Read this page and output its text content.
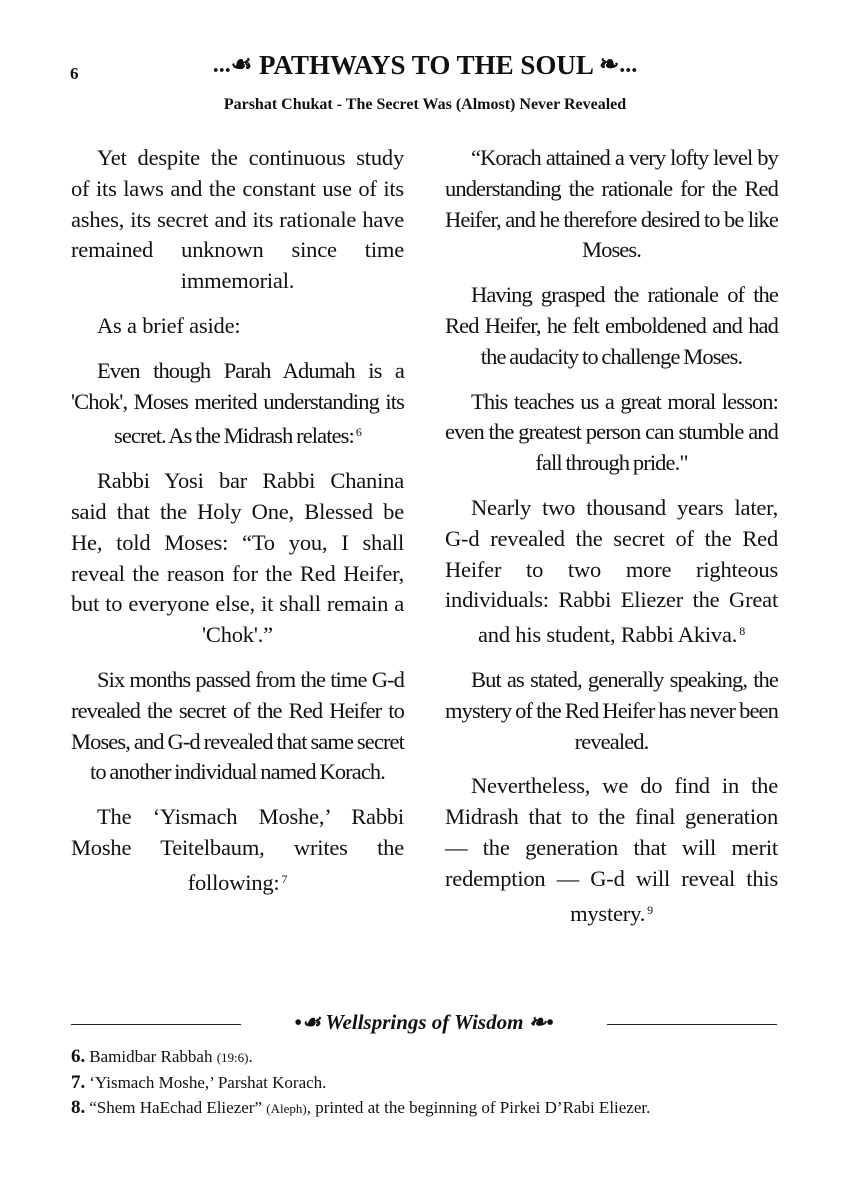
6	...☙ PATHWAYS TO THE SOUL ❧...
Parshat Chukat - The Secret Was (Almost) Never Revealed

Yet despite the continuous study of its laws and the constant use of its ashes, its secret and its rationale have remained unknown since time immemorial.

As a brief aside:

Even though Parah Adumah is a 'Chok', Moses merited understanding its secret. As the Midrash relates: $^6$

Rabbi Yosi bar Rabbi Chanina said that the Holy One, Blessed be He, told Moses: “To you, I shall reveal the reason for the Red Heifer, but to everyone else, it shall remain a 'Chok'.”

Six months passed from the time G-d revealed the secret of the Red Heifer to Moses, and G-d revealed that same secret to another individual named Korach.

The ‘Yismach Moshe,’ Rabbi Moshe Teitelbaum, writes the following: $^7$

“Korach attained a very lofty level by understanding the rationale for the Red Heifer, and he therefore desired to be like Moses.

Having grasped the rationale of the Red Heifer, he felt emboldened and had the audacity to challenge Moses.

This teaches us a great moral lesson: even the greatest person can stumble and fall through pride."

Nearly two thousand years later, G-d revealed the secret of the Red Heifer to two more righteous individuals: Rabbi Eliezer the Great and his student, Rabbi Akiva. $^8$

But as stated, generally speaking, the mystery of the Red Heifer has never been revealed.

Nevertheless, we do find in the Midrash that to the final generation — the generation that will merit redemption — G-d will reveal this mystery. $^9$

•☙ Wellsprings of Wisdom ❧•
6. Bamidbar Rabbah (19:6).
7. ‘Yismach Moshe,’ Parshat Korach.
8. “Shem HaEchad Eliezer” (Aleph), printed at the beginning of Pirkei D’Rabi Eliezer.
